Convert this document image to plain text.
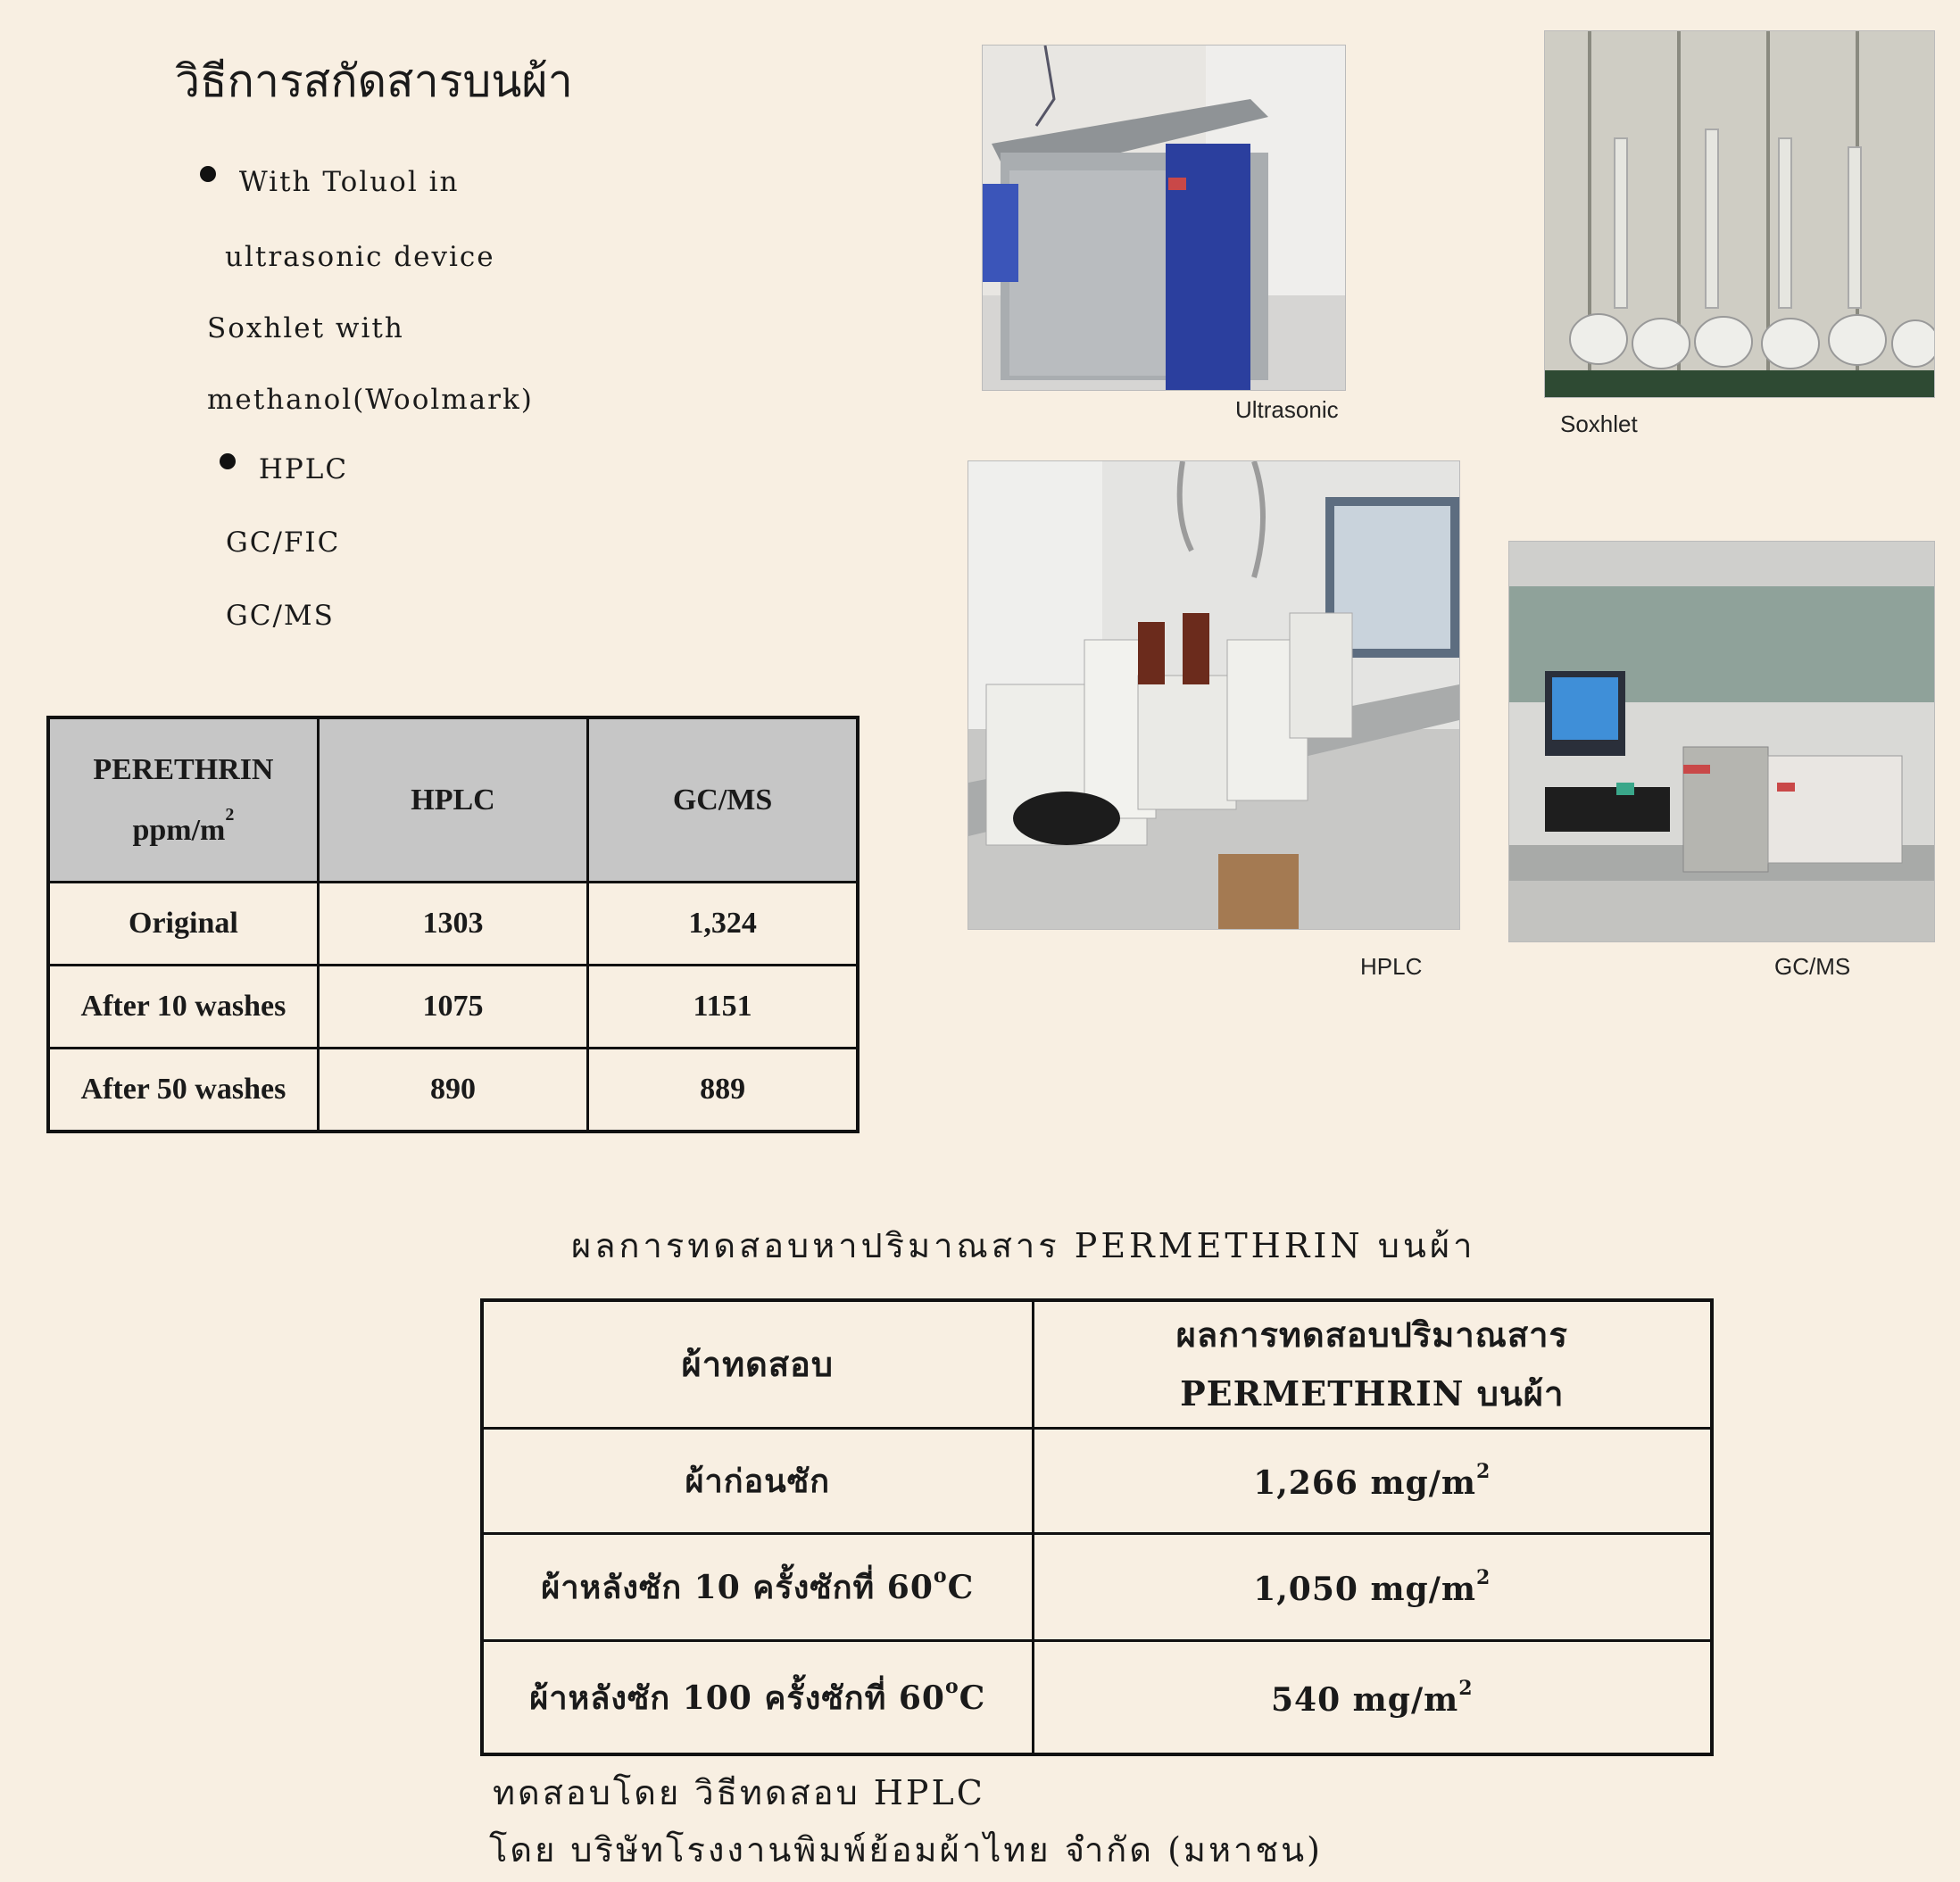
วิธีการสกัดสารบนผ้า
With Toluol in
ultrasonic device
Soxhlet with
methanol(Woolmark)
HPLC
GC/FIC
GC/MS
Ultrasonic
Soxhlet
HPLC	GC/MS
PERETHRIN
ppm/$m^2$	HPLC	GC/MS
Original	1303	1,324
After 10 washes	1075	1151
After 50 washes	890	889
ผลการทดสอบหาปริมาณสาร PERMETHRIN บนผ้า
ผ้าทดสอบ	ผลการทดสอบปริมาณสาร
PERMETHRIN บนผ้า

ผ้าก่อนซัก	1,266 $mg/m^2$
ผ้าหลังซัก 10 ครั้งซักที่ 60$^o$C	1,050 $mg/m^2$
ผ้าหลังซัก 100 ครั้งซักที่ 60$^o$C	540 $mg/m^2$
ทดสอบโดย วิธีทดสอบ HPLC
โดย บริษัทโรงงานพิมพ์ย้อมผ้าไทย จำกัด (มหาชน)
